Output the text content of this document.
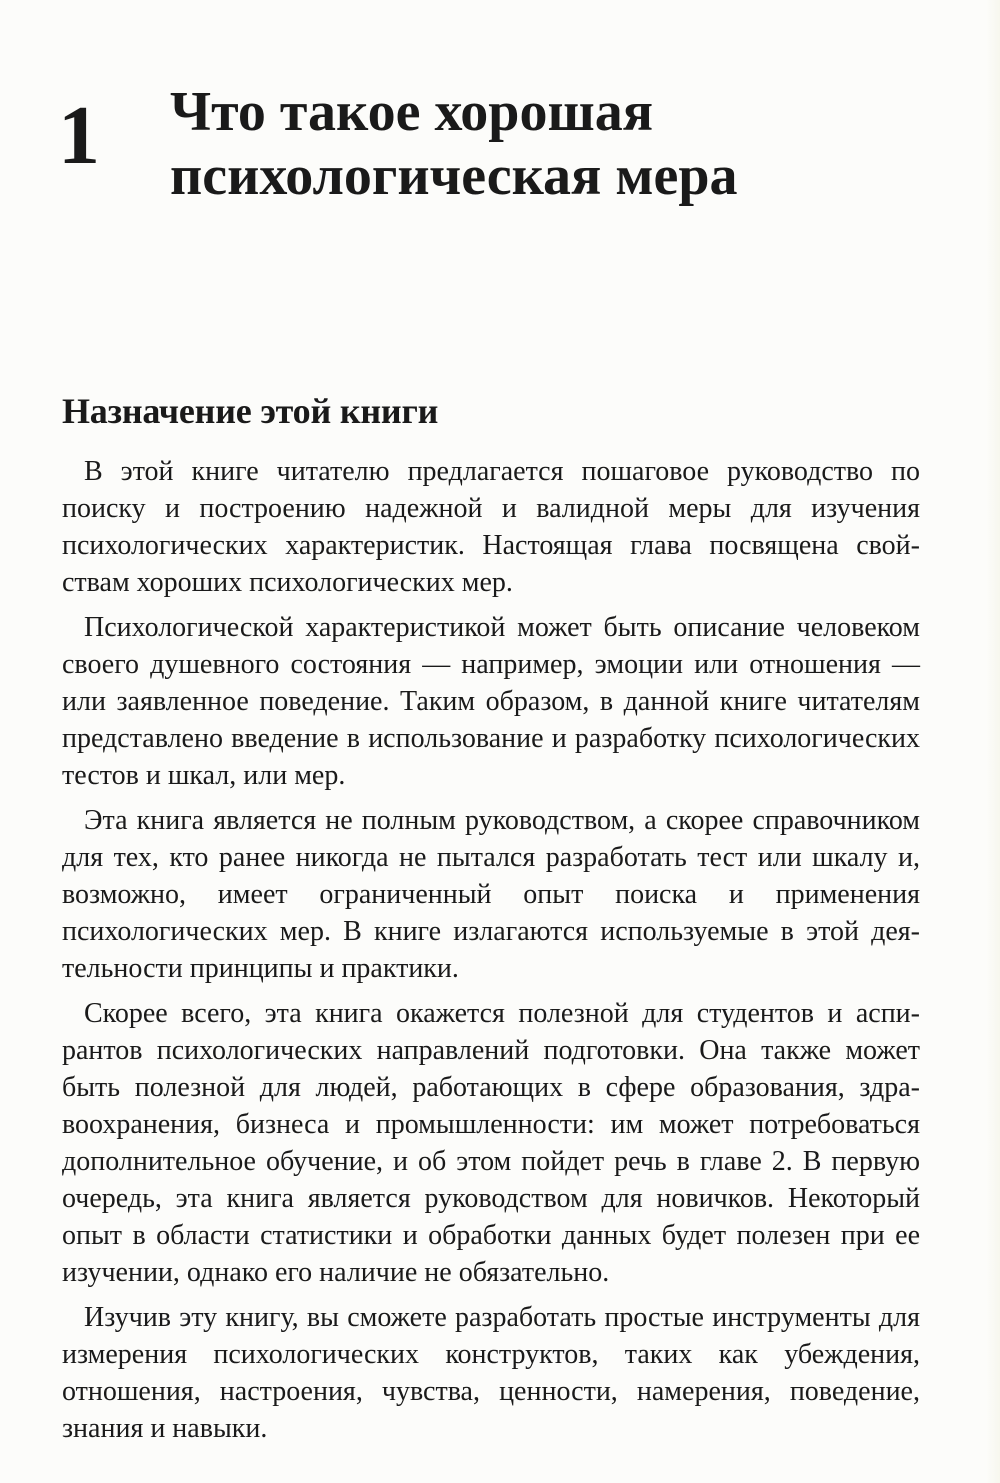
1	Что такое хорошая психологическая мера
Назначение этой книги

В этой книге читателю предлагается пошаговое руководство по поиску и построению надежной и валидной меры для изучения психологических характеристик. Настоящая глава посвящена свойствам хороших психологических мер.

Психологической характеристикой может быть описание человеком своего душевного состояния — например, эмоции или отношения — или заявленное поведение. Таким образом, в данной книге читателям представлено введение в использование и разработку психологических тестов и шкал, или мер.

Эта книга является не полным руководством, а скорее справочником для тех, кто ранее никогда не пытался разработать тест или шкалу и, возможно, имеет ограниченный опыт поиска и применения психологических мер. В книге излагаются используемые в этой деятельности принципы и практики.

Скорее всего, эта книга окажется полезной для студентов и аспирантов психологических направлений подготовки. Она также может быть полезной для людей, работающих в сфере образования, здравоохранения, бизнеса и промышленности: им может потребоваться дополнительное обучение, и об этом пойдет речь в главе 2. В первую очередь, эта книга является руководством для новичков. Некоторый опыт в области статистики и обработки данных будет полезен при ее изучении, однако его наличие не обязательно.

Изучив эту книгу, вы сможете разработать простые инструменты для измерения психологических конструктов, таких как убеждения, отношения, настроения, чувства, ценности, намерения, поведение, знания и навыки.
